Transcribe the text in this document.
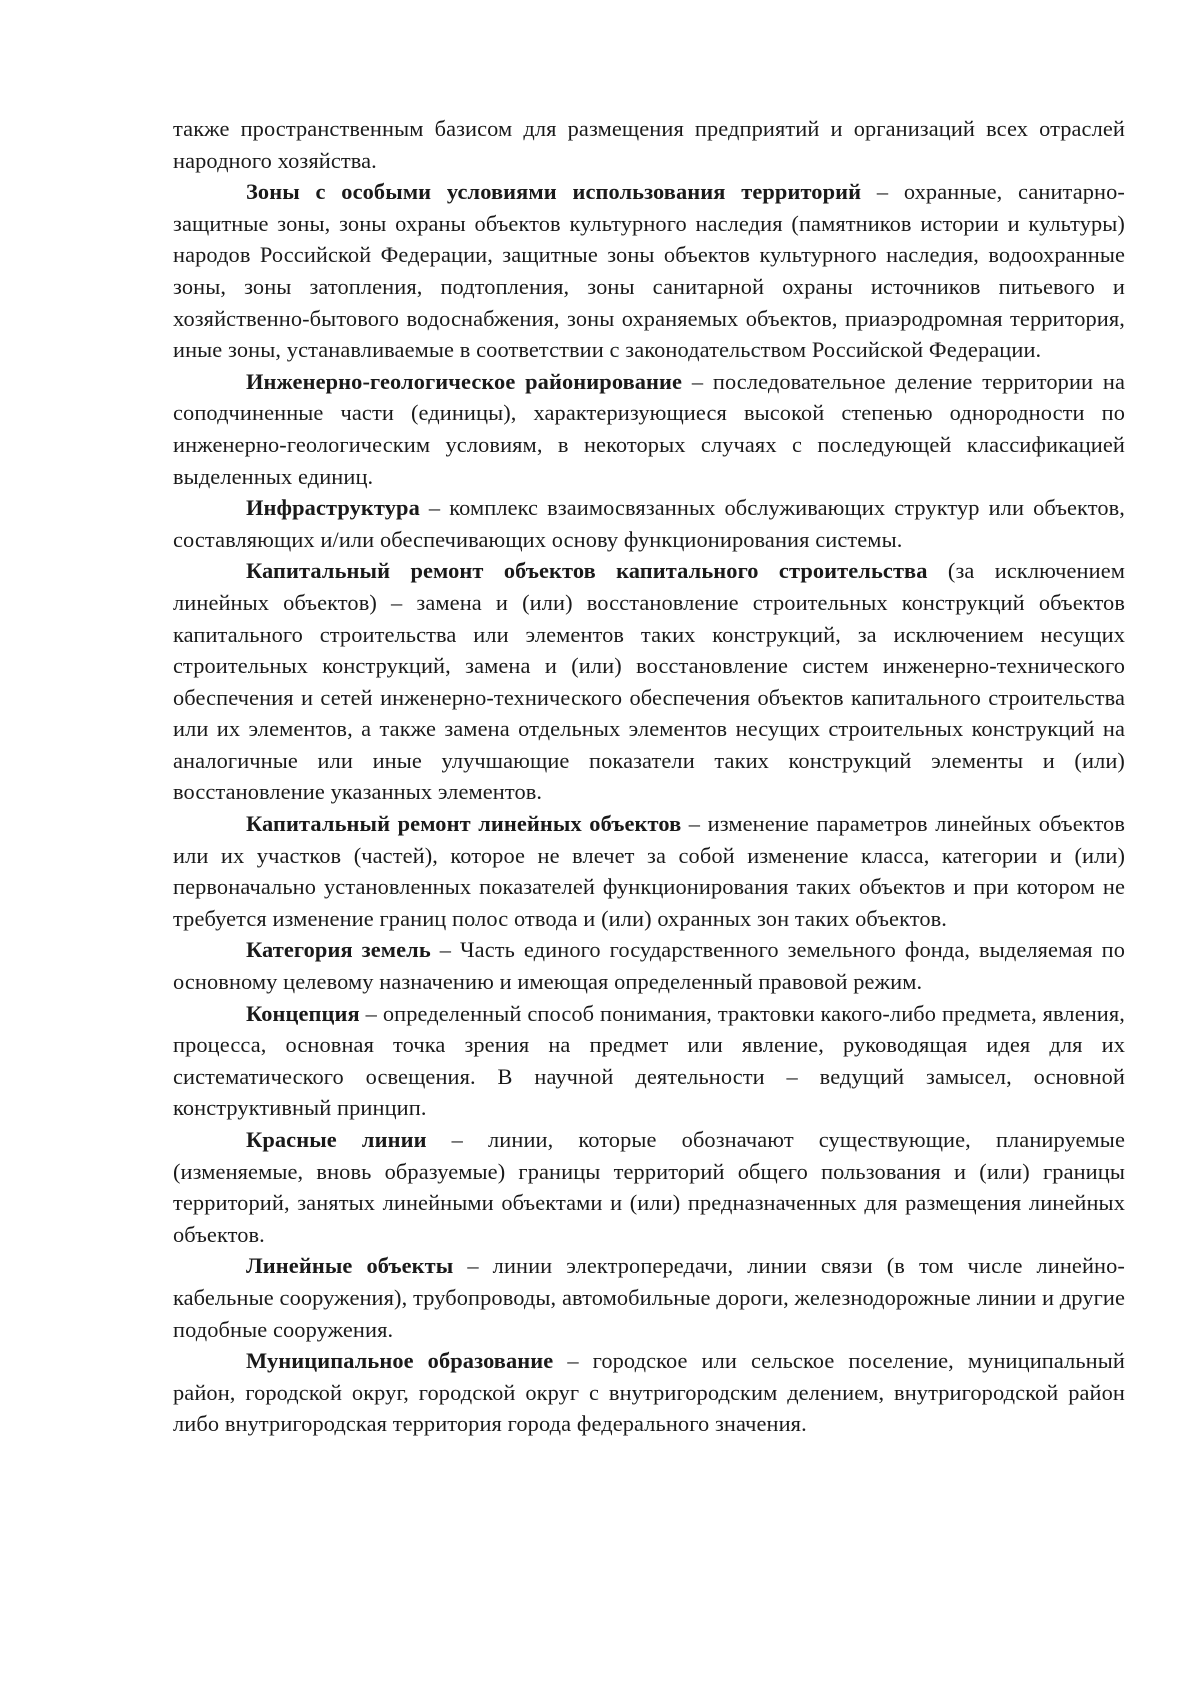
также пространственным базисом для размещения предприятий и организаций всех отраслей народного хозяйства.

Зоны с особыми условиями использования территорий – охранные, санитарно-защитные зоны, зоны охраны объектов культурного наследия (памятников истории и культуры) народов Российской Федерации, защитные зоны объектов культурного наследия, водоохранные зоны, зоны затопления, подтопления, зоны санитарной охраны источников питьевого и хозяйственно-бытового водоснабжения, зоны охраняемых объектов, приаэродромная территория, иные зоны, устанавливаемые в соответствии с законодательством Российской Федерации.

Инженерно-геологическое районирование – последовательное деление территории на соподчиненные части (единицы), характеризующиеся высокой степенью однородности по инженерно-геологическим условиям, в некоторых случаях с последующей классификацией выделенных единиц.

Инфраструктура – комплекс взаимосвязанных обслуживающих структур или объектов, составляющих и/или обеспечивающих основу функционирования системы.

Капитальный ремонт объектов капитального строительства (за исключением линейных объектов) – замена и (или) восстановление строительных конструкций объектов капитального строительства или элементов таких конструкций, за исключением несущих строительных конструкций, замена и (или) восстановление систем инженерно-технического обеспечения и сетей инженерно-технического обеспечения объектов капитального строительства или их элементов, а также замена отдельных элементов несущих строительных конструкций на аналогичные или иные улучшающие показатели таких конструкций элементы и (или) восстановление указанных элементов.

Капитальный ремонт линейных объектов – изменение параметров линейных объектов или их участков (частей), которое не влечет за собой изменение класса, категории и (или) первоначально установленных показателей функционирования таких объектов и при котором не требуется изменение границ полос отвода и (или) охранных зон таких объектов.

Категория земель – Часть единого государственного земельного фонда, выделяемая по основному целевому назначению и имеющая определенный правовой режим.

Концепция – определенный способ понимания, трактовки какого-либо предмета, явления, процесса, основная точка зрения на предмет или явление, руководящая идея для их систематического освещения. В научной деятельности – ведущий замысел, основной конструктивный принцип.

Красные линии – линии, которые обозначают существующие, планируемые (изменяемые, вновь образуемые) границы территорий общего пользования и (или) границы территорий, занятых линейными объектами и (или) предназначенных для размещения линейных объектов.

Линейные объекты – линии электропередачи, линии связи (в том числе линейно-кабельные сооружения), трубопроводы, автомобильные дороги, железнодорожные линии и другие подобные сооружения.

Муниципальное образование – городское или сельское поселение, муниципальный район, городской округ, городской округ с внутригородским делением, внутригородской район либо внутригородская территория города федерального значения.
